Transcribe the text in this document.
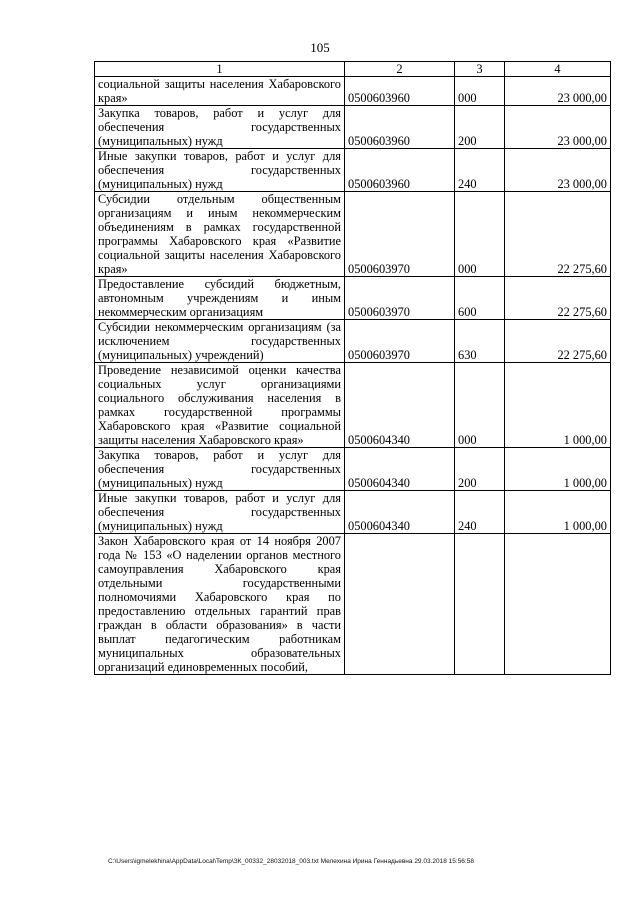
105
1	2	3	4
социальной защиты населения Хабаровского края»	0500603960	000	23 000,00
Закупка товаров, работ и услуг для обеспечения государственных (муниципальных) нужд	0500603960	200	23 000,00
Иные закупки товаров, работ и услуг для обеспечения государственных (муниципальных) нужд	0500603960	240	23 000,00
Субсидии отдельным общественным организациям и иным некоммерческим объединениям в рамках государственной программы Хабаровского края «Развитие социальной защиты населения Хабаровского края»	0500603970	000	22 275,60
Предоставление субсидий бюджетным, автономным учреждениям и иным некоммерческим организациям	0500603970	600	22 275,60
Субсидии некоммерческим организациям (за исключением государственных (муниципальных) учреждений)	0500603970	630	22 275,60
Проведение независимой оценки качества социальных услуг организациями социального обслуживания населения в рамках государственной программы Хабаровского края «Развитие социальной защиты населения Хабаровского края»	0500604340	000	1 000,00
Закупка товаров, работ и услуг для обеспечения государственных (муниципальных) нужд	0500604340	200	1 000,00
Иные закупки товаров, работ и услуг для обеспечения государственных (муниципальных) нужд	0500604340	240	1 000,00
Закон Хабаровского края от 14 ноября 2007 года № 153 «О наделении органов местного самоуправления Хабаровского края отдельными государственными полномочиями Хабаровского края по предоставлению отдельных гарантий прав граждан в области образования» в части выплат педагогическим работникам муниципальных образовательных организаций единовременных пособий,			
C:\Users\igmelekhina\AppData\Local\Temp\ЗК_00332_28032018_003.txt Мелехина Ирина Геннадьевна 29.03.2018 15:56:58
